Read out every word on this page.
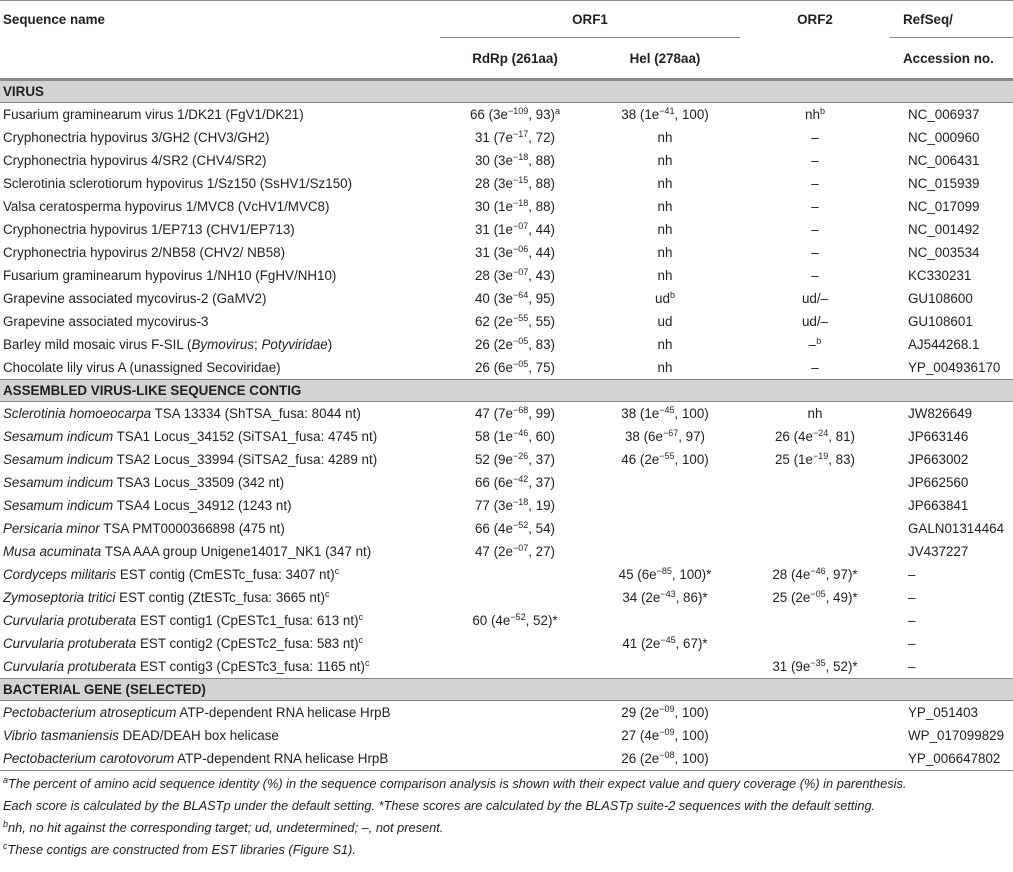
Sequence name	ORF1		ORF2	RefSeq/
	RdRp (261aa)	Hel (278aa)		Accession no.

VIRUS				

Fusarium graminearum virus 1/DK21 (FgV1/DK21)	66 ($3e^{-109}$, 93)$^a$	38 ($1e^{-41}$, 100)	$nh^b$	NC_006937
Cryphonectria hypovirus 3/GH2 (CHV3/GH2)	31 ($7e^{-17}$, 72)	nh	–	NC_000960
Cryphonectria hypovirus 4/SR2 (CHV4/SR2)	30 ($3e^{-18}$, 88)	nh	–	NC_006431
Sclerotinia sclerotiorum hypovirus 1/Sz150 (SsHV1/Sz150)	28 ($3e^{-15}$, 88)	nh	–	NC_015939
Valsa ceratosperma hypovirus 1/MVC8 (VcHV1/MVC8)	30 ($1e^{-18}$, 88)	nh	–	NC_017099
Cryphonectria hypovirus 1/EP713 (CHV1/EP713)	31 ($1e^{-07}$, 44)	nh	–	NC_001492
Cryphonectria hypovirus 2/NB58 (CHV2/ NB58)	31 ($3e^{-06}$, 44)	nh	–	NC_003534
Fusarium graminearum hypovirus 1/NH10 (FgHV/NH10)	28 ($3e^{-07}$, 43)	nh	–	KC330231
Grapevine associated mycovirus-2 (GaMV2)	40 ($3e^{-64}$, 95)	$ud^b$	ud/–	GU108600
Grapevine associated mycovirus-3	62 ($2e^{-55}$, 55)	ud	ud/–	GU108601
Barley mild mosaic virus F-SIL (Bymovirus; Potyviridae)	26 ($2e^{-05}$, 83)	nh	–$^b$	AJ544268.1
Chocolate lily virus A (unassigned Secoviridae)	26 ($6e^{-05}$, 75)	nh	–	YP_004936170

ASSEMBLED VIRUS-LIKE SEQUENCE CONTIG				

Sclerotinia homoeocarpa TSA 13334 (ShTSA_fusa: 8044 nt)	47 ($7e^{-68}$, 99)	38 ($1e^{-45}$, 100)	nh	JW826649
Sesamum indicum TSA1 Locus_34152 (SiTSA1_fusa: 4745 nt)	58 ($1e^{-46}$, 60)	38 ($6e^{-67}$, 97)	26 ($4e^{-24}$, 81)	JP663146
Sesamum indicum TSA2 Locus_33994 (SiTSA2_fusa: 4289 nt)	52 ($9e^{-26}$, 37)	46 ($2e^{-55}$, 100)	25 ($1e^{-19}$, 83)	JP663002
Sesamum indicum TSA3 Locus_33509 (342 nt)	66 ($6e^{-42}$, 37)			JP662560
Sesamum indicum TSA4 Locus_34912 (1243 nt)	77 ($3e^{-18}$, 19)			JP663841
Persicaria minor TSA PMT0000366898 (475 nt)	66 ($4e^{-52}$, 54)			GALN01314464
Musa acuminata TSA AAA group Unigene14017_NK1 (347 nt)	47 ($2e^{-07}$, 27)			JV437227
Cordyceps militaris EST contig (CmESTc_fusa: 3407 nt)$^c$		45 ($6e^{-85}$, 100)*	28 ($4e^{-46}$, 97)*	–
Zymoseptoria tritici EST contig (ZtESTc_fusa: 3665 nt)$^c$		34 ($2e^{-43}$, 86)*	25 ($2e^{-05}$, 49)*	–
Curvularia protuberata EST contig1 (CpESTc1_fusa: 613 nt)$^c$	60 ($4e^{-52}$, 52)*			–
Curvularia protuberata EST contig2 (CpESTc2_fusa: 583 nt)$^c$		41 ($2e^{-45}$, 67)*		–
Curvularia protuberata EST contig3 (CpESTc3_fusa: 1165 nt)$^c$			31 ($9e^{-35}$, 52)*	–

BACTERIAL GENE (SELECTED)				

Pectobacterium atrosepticum ATP-dependent RNA helicase HrpB		29 ($2e^{-09}$, 100)		YP_051403
Vibrio tasmaniensis DEAD/DEAH box helicase		27 ($4e^{-09}$, 100)		WP_017099829
Pectobacterium carotovorum ATP-dependent RNA helicase HrpB		26 ($2e^{-08}$, 100)		YP_006647802
$^a$The percent of amino acid sequence identity (%) in the sequence comparison analysis is shown with their expect value and query coverage (%) in parenthesis.
Each score is calculated by the BLASTp under the default setting. *These scores are calculated by the BLASTp suite-2 sequences with the default setting.
$^b$nh, no hit against the corresponding target; ud, undetermined; –, not present.
$^c$These contigs are constructed from EST libraries (Figure S1).
